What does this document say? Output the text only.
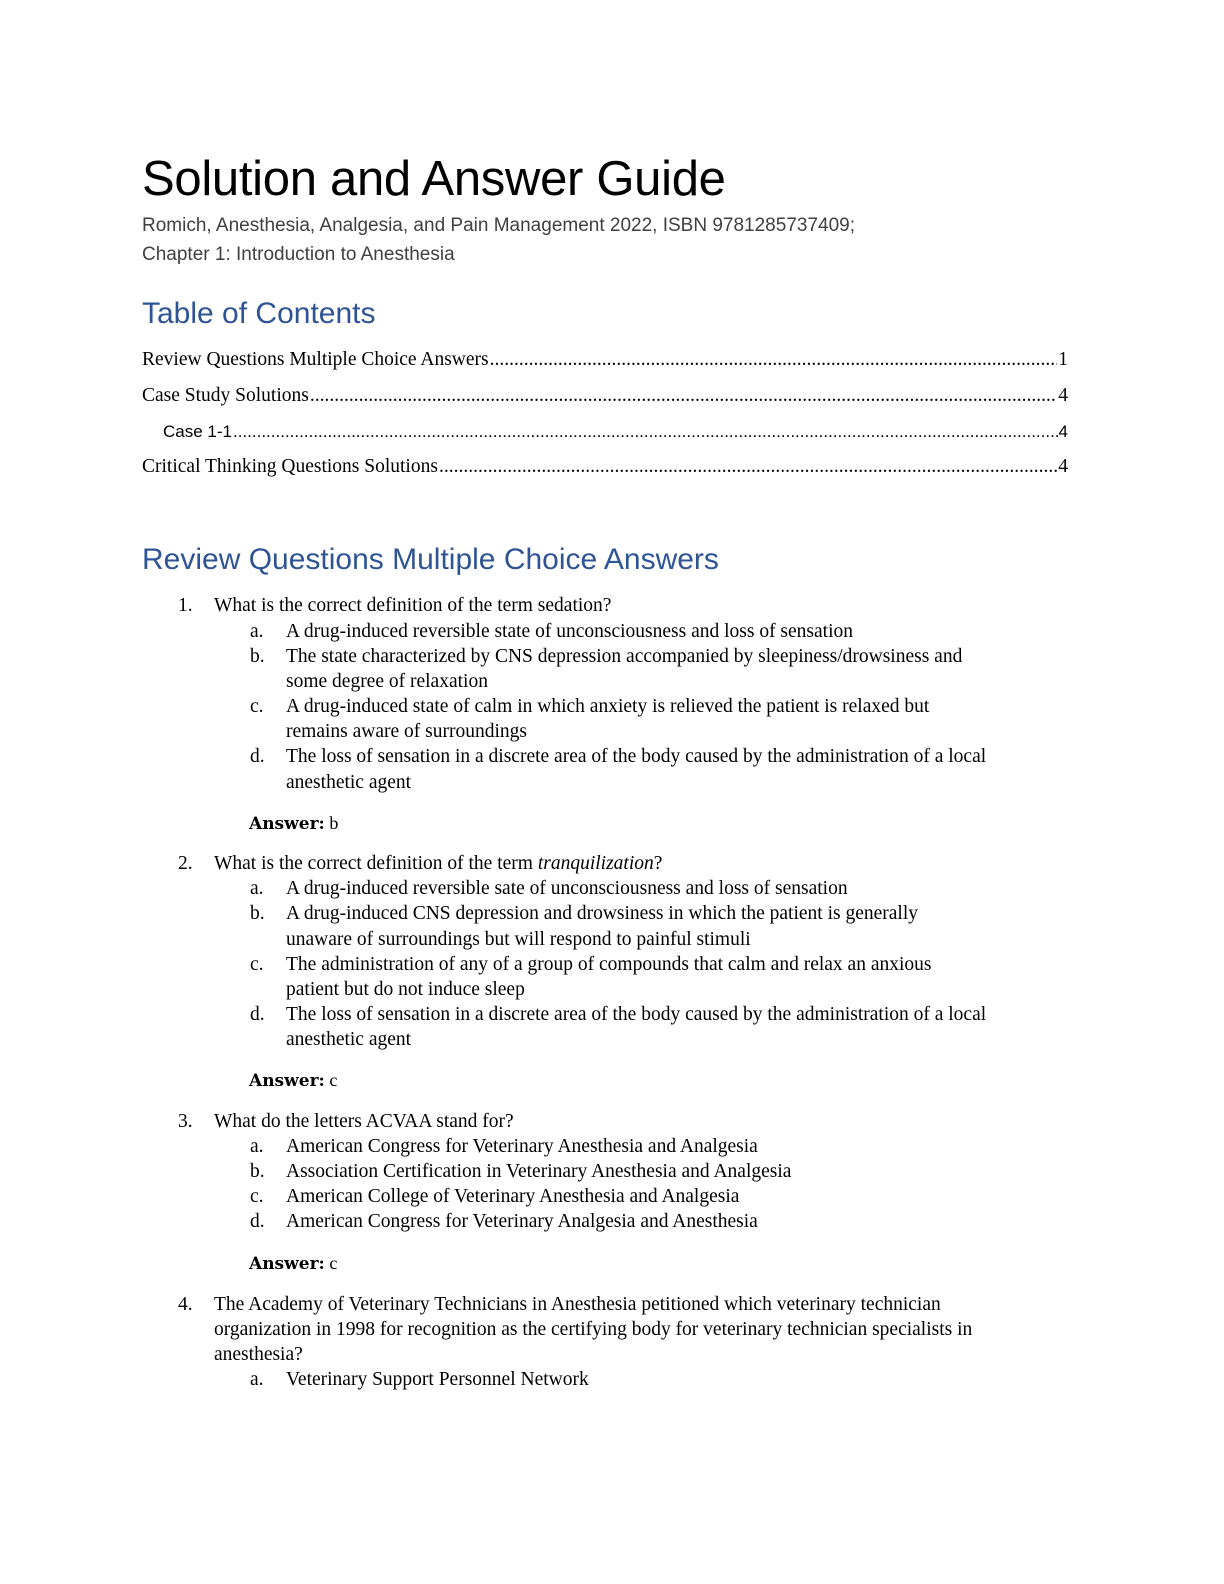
Solution and Answer Guide
Romich, Anesthesia, Analgesia, and Pain Management 2022, ISBN 9781285737409;
Chapter 1: Introduction to Anesthesia
Table of Contents
Review Questions Multiple Choice Answers .....	1
Case Study Solutions .....	4
Case 1-1 .....	4
Critical Thinking Questions Solutions .....	4
Review Questions Multiple Choice Answers
1. What is the correct definition of the term sedation?
a. A drug-induced reversible state of unconsciousness and loss of sensation
b. The state characterized by CNS depression accompanied by sleepiness/drowsiness and
some degree of relaxation
c. A drug-induced state of calm in which anxiety is relieved the patient is relaxed but
remains aware of surroundings
d. The loss of sensation in a discrete area of the body caused by the administration of a local
anesthetic agent
Answer: b
2. What is the correct definition of the term tranquilization?
a. A drug-induced reversible sate of unconsciousness and loss of sensation
b. A drug-induced CNS depression and drowsiness in which the patient is generally
unaware of surroundings but will respond to painful stimuli
c. The administration of any of a group of compounds that calm and relax an anxious
patient but do not induce sleep
d. The loss of sensation in a discrete area of the body caused by the administration of a local
anesthetic agent
Answer: c
3. What do the letters ACVAA stand for?
a. American Congress for Veterinary Anesthesia and Analgesia
b. Association Certification in Veterinary Anesthesia and Analgesia
c. American College of Veterinary Anesthesia and Analgesia
d. American Congress for Veterinary Analgesia and Anesthesia
Answer: c
4. The Academy of Veterinary Technicians in Anesthesia petitioned which veterinary technician
organization in 1998 for recognition as the certifying body for veterinary technician specialists in
anesthesia?
a. Veterinary Support Personnel Network
